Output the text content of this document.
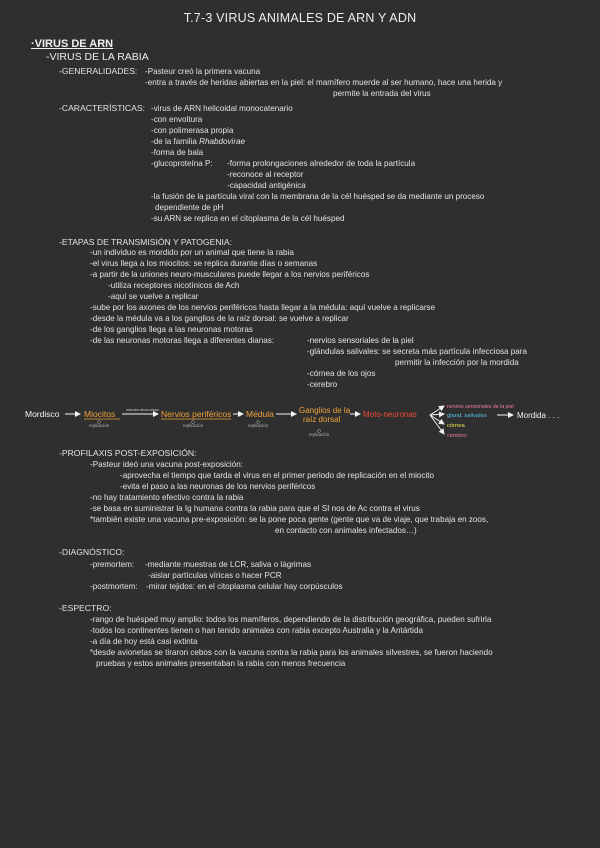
T.7-3 VIRUS ANIMALES DE ARN Y ADN
·VIRUS DE ARN
-VIRUS DE LA RABIA
-GENERALIDADES: -Pasteur creó la primera vacuna
-entra a través de heridas abiertas en la piel: el mamífero muerde al ser humano, hace una herida y
permite la entrada del virus
-CARACTERÍSTICAS: -virus de ARN helicoidal monocatenario
-con envoltura
-con polimerasa propia
-de la familia Rhabdovirae
-forma de bala
-glucoproteína P: -forma prolongaciones alrededor de toda la partícula
-reconoce al receptor
-capacidad antigénica
-la fusión de la partícula viral con la membrana de la cél huésped se da mediante un proceso
dependiente de pH
-su ARN se replica en el citoplasma de la cél huésped
-ETAPAS DE TRANSMISIÓN Y PATOGENIA:
-un individuo es mordido por un animal que tiene la rabia
-el virus llega a los miocitos: se replica durante días o semanas
-a partir de la uniones neuro-musculares puede llegar a los nervios periféricos
-utiliza receptores nicotínicos de Ach
-aquí se vuelve a replicar
-sube por los axones de los nervios periféricos hasta llegar a la médula: aquí vuelve a replicarse
-desde la médula va a los ganglios de la raíz dorsal: se vuelve a replicar
-de los ganglios llega a las neuronas motoras
-de las neuronas motoras llega a diferentes dianas:	-nervios sensoriales de la piel
-glándulas salivales: se secreta más partícula infecciosa para
permitir la infección por la mordida
-córnea de los ojos
-cerebro
Mordisco	Miocitos	uniones neuro-musc. Nervios periféricos Médula	Ganglios de la raíz dorsal
Moto-neuronas
replicación	replicación	replicación
replicación
nervios sensoriales de la piel
gland. salivales
córnea
cerebro
Mordida . . .
-PROFILAXIS POST-EXPOSICIÓN:
-Pasteur ideó una vacuna post-exposición:
-aprovecha el tiempo que tarda el virus en el primer periodo de replicación en el miocito
-evita el paso a las neuronas de los nervios periféricos
-no hay tratamiento efectivo contra la rabia
-se basa en suministrar la Ig humana contra la rabia para que el SI nos de Ac contra el virus
*también existe una vacuna pre-exposición: se la pone poca gente (gente que va de viaje, que trabaja en zoos,
en contacto con animales infectados…)
-DIAGNÓSTICO:
-premortem: -mediante muestras de LCR, saliva o lágrimas
-aislar partículas víricas o hacer PCR
-postmortem: -mirar tejidos: en el citoplasma celular hay corpúsculos
-ESPECTRO:
-rango de huésped muy amplio: todos los mamíferos, dependiendo de la distribución geográfica, pueden sufrirla
-todos los continentes tienen o han tenido animales con rabia excepto Australia y la Antártida
-a día de hoy está casi extinta
*desde avionetas se tiraron cebos con la vacuna contra la rabia para los animales silvestres, se fueron haciendo
pruebas y estos animales presentaban la rabia con menos frecuencia
